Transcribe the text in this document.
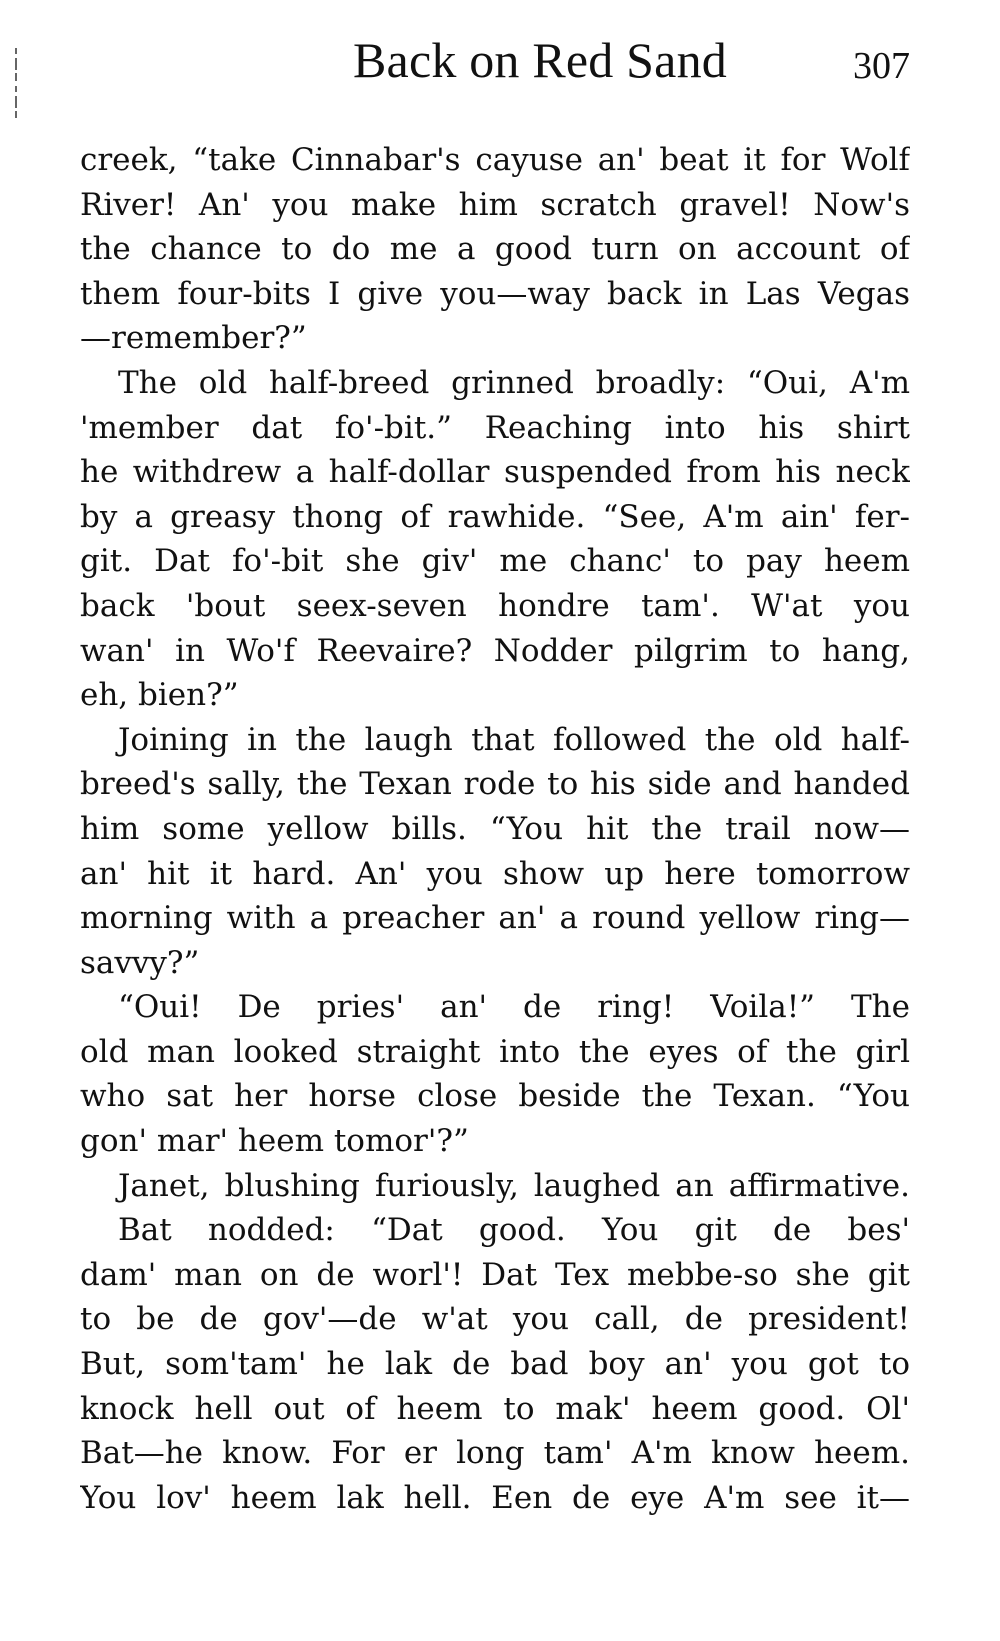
Back on Red Sand	307
creek, “take Cinnabar's cayuse an' beat it for Wolf
River! An' you make him scratch gravel! Now's
the chance to do me a good turn on account of
them four-bits I give you—way back in Las Vegas
—remember?”
The old half-breed grinned broadly: “Oui, A'm
'member dat fo'-bit.” Reaching into his shirt
he withdrew a half-dollar suspended from his neck
by a greasy thong of rawhide. “See, A'm ain' fer-
git. Dat fo'-bit she giv' me chanc' to pay heem
back 'bout seex-seven hondre tam'. W'at you
wan' in Wo'f Reevaire? Nodder pilgrim to hang,
eh, bien?”
Joining in the laugh that followed the old half-
breed's sally, the Texan rode to his side and handed
him some yellow bills. “You hit the trail now—
an' hit it hard. An' you show up here tomorrow
morning with a preacher an' a round yellow ring—
savvy?”
“Oui! De pries' an' de ring! Voila!” The
old man looked straight into the eyes of the girl
who sat her horse close beside the Texan. “You
gon' mar' heem tomor'?”
Janet, blushing furiously, laughed an affirmative.
Bat nodded: “Dat good. You git de bes'
dam' man on de worl'! Dat Tex mebbe-so she git
to be de gov'—de w'at you call, de president!
But, som'tam' he lak de bad boy an' you got to
knock hell out of heem to mak' heem good. Ol'
Bat—he know. For er long tam' A'm know heem.
You lov' heem lak hell. Een de eye A'm see it—
